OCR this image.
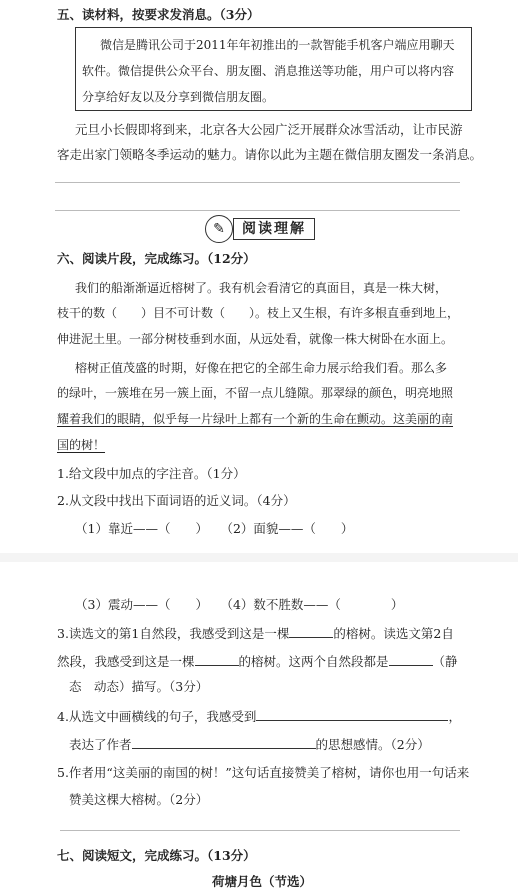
五、读材料，按要求发消息。（3分）
微信是腾讯公司于2011年年初推出的一款智能手机客户端应用聊天
软件。微信提供公众平台、朋友圈、消息推送等功能，用户可以将内容
分享给好友以及分享到微信朋友圈。
元旦小长假即将到来，北京各大公园广泛开展群众冰雪活动，让市民游
客走出家门领略冬季运动的魅力。请你以此为主题在微信朋友圈发一条消息。
✎	阅读理解
六、阅读片段，完成练习。（12分）
我们的船渐渐逼近榕树了。我有机会看清它的真面目，真是一株大树，
枝干的数（　　）目不可计数（　　）。枝上又生根，有许多根直垂到地上，
伸进泥土里。一部分树枝垂到水面，从远处看，就像一株大树卧在水面上。
榕树正值茂盛的时期，好像在把它的全部生命力展示给我们看。那么多
的绿叶，一簇堆在另一簇上面，不留一点儿缝隙。那翠绿的颜色，明亮地照
耀着我们的眼睛，似乎每一片绿叶上都有一个新的生命在颤动。这美丽的南
国的树！
1.给文段中加点的字注音。（1分）
2.从文段中找出下面词语的近义词。（4分）
（1）靠近——（　　）　　（2）面貌——（　　）
（3）震动——（　　）　　（4）数不胜数——（　　　　）
3.读选文的第1自然段，我感受到这是一棵	的榕树。读选文第2自
然段，我感受到这是一棵	的榕树。这两个自然段都是	（静
态　动态）描写。（3分）
4.从选文中画横线的句子，我感受到	，
表达了作者	的思想感情。（2分）
5.作者用“这美丽的南国的树！”这句话直接赞美了榕树，请你也用一句话来
赞美这棵大榕树。（2分）
七、阅读短文，完成练习。（13分）
荷塘月色（节选）
